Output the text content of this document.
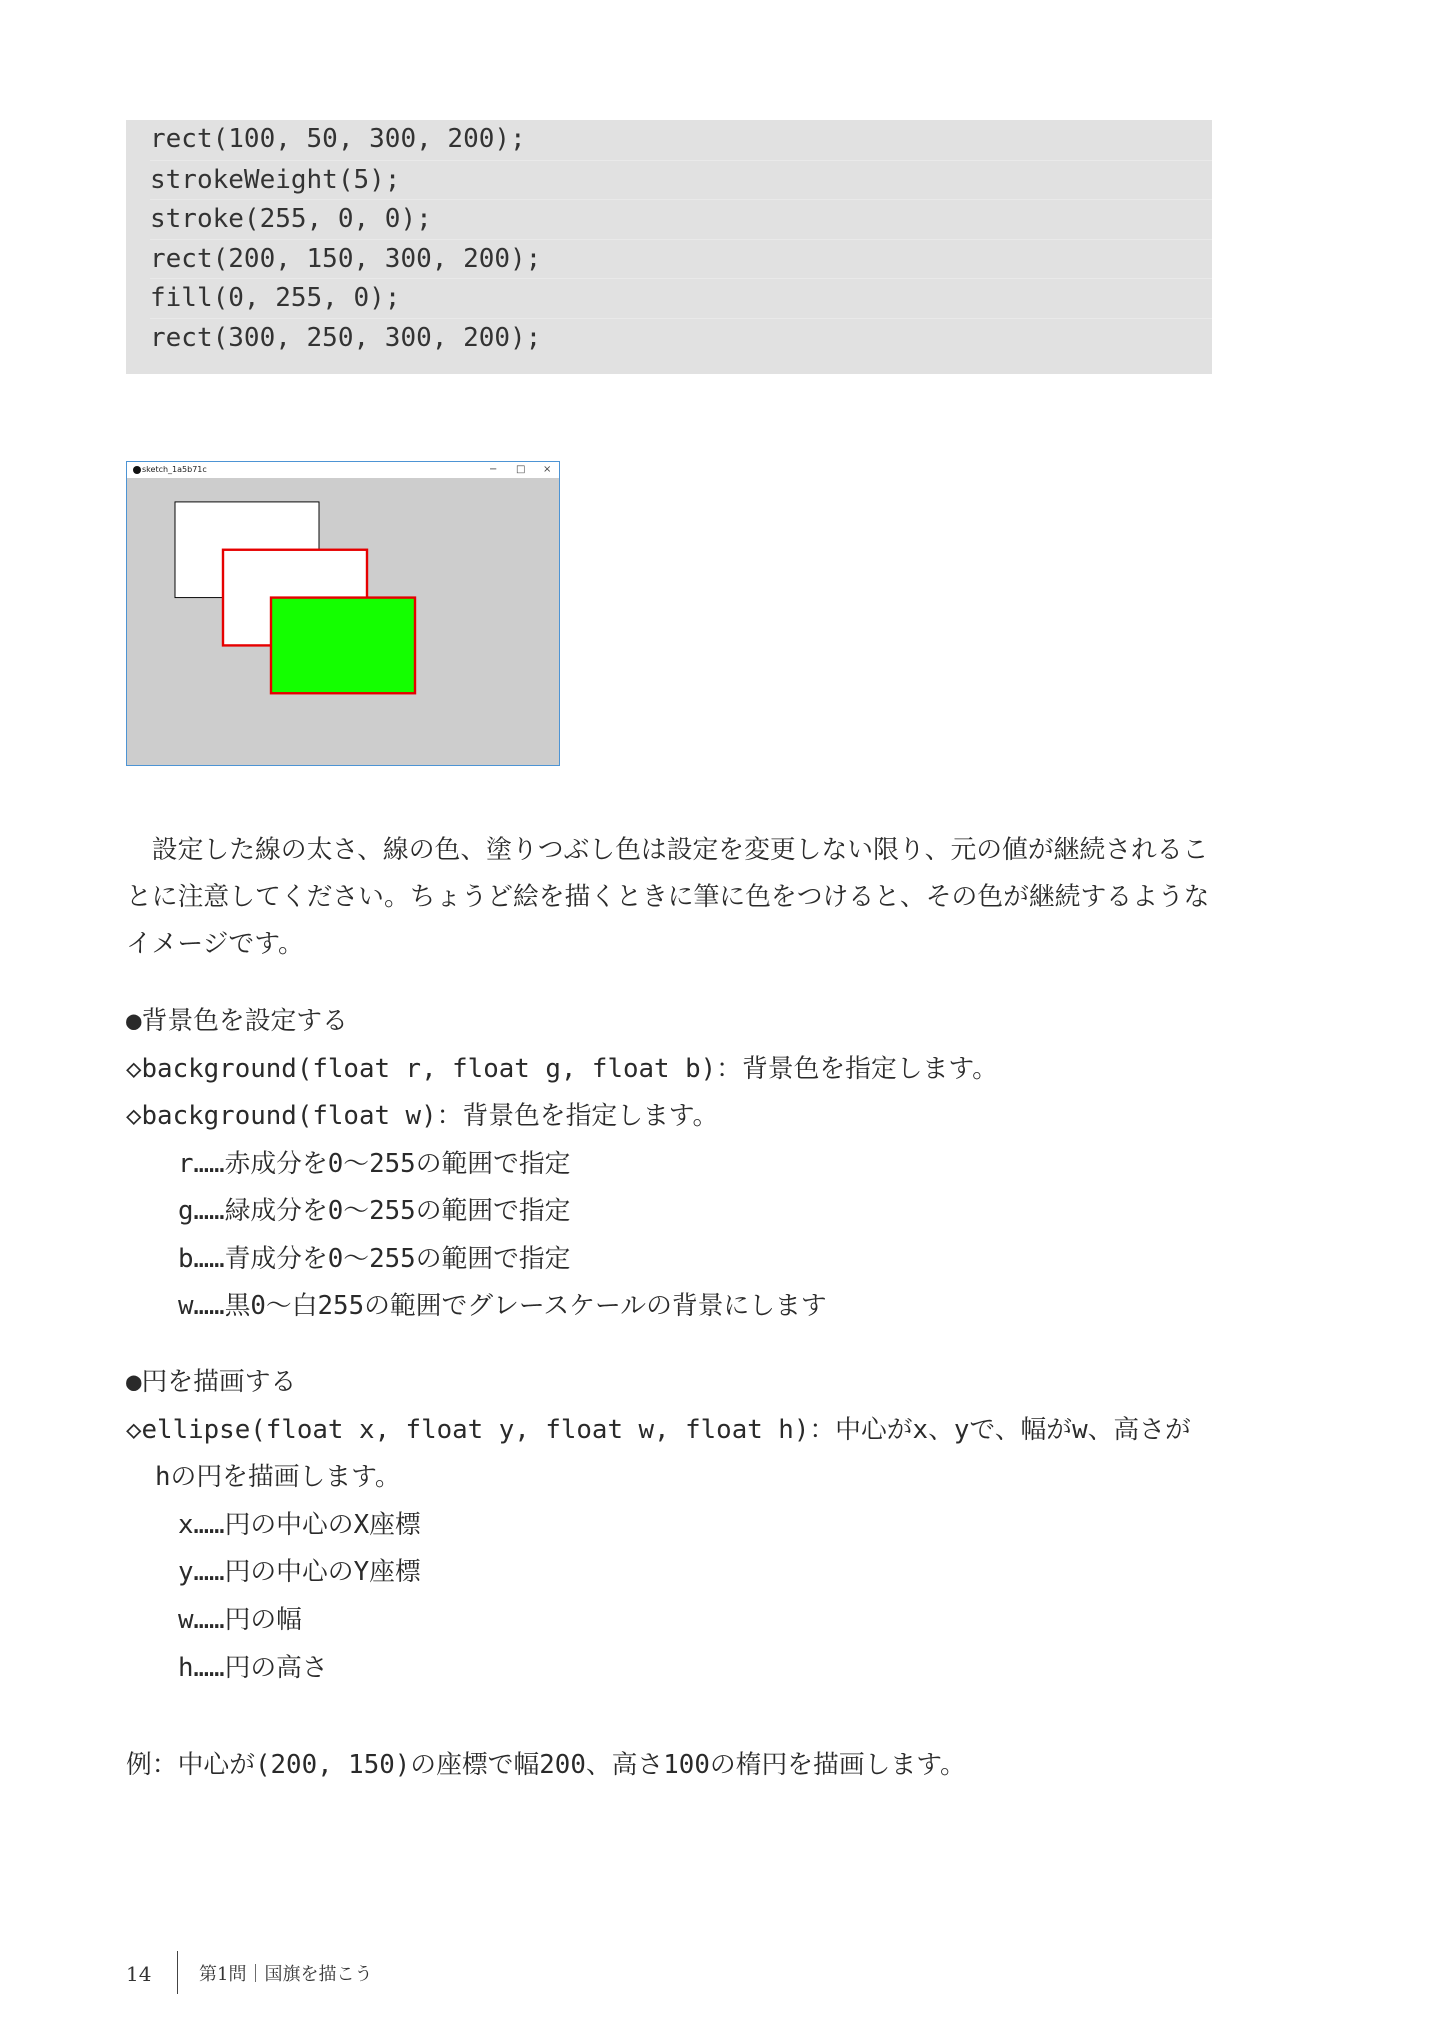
rect(100, 50, 300, 200);
strokeWeight(5);
stroke(255, 0, 0);
rect(200, 150, 300, 200);
fill(0, 255, 0);
rect(300, 250, 300, 200);
sketch_1a5b71c	− □ ×
設定した線の太さ、線の色、塗りつぶし色は設定を変更しない限り、元の値が継続されるこ
とに注意してください。ちょうど絵を描くときに筆に色をつけると、その色が継続するような
イメージです。
●背景色を設定する
◇background(float r, float g, float b)：背景色を指定します。
◇background(float w)：背景色を指定します。
r……赤成分を0～255の範囲で指定
g……緑成分を0～255の範囲で指定
b……青成分を0～255の範囲で指定
w……黒0～白255の範囲でグレースケールの背景にします
●円を描画する
◇ellipse(float x, float y, float w, float h)：中心がx、yで、幅がw、高さが
hの円を描画します。
x……円の中心のX座標
y……円の中心のY座標
w……円の幅
h……円の高さ
例：中心が(200, 150)の座標で幅200、高さ100の楕円を描画します。
14	第1問｜国旗を描こう
